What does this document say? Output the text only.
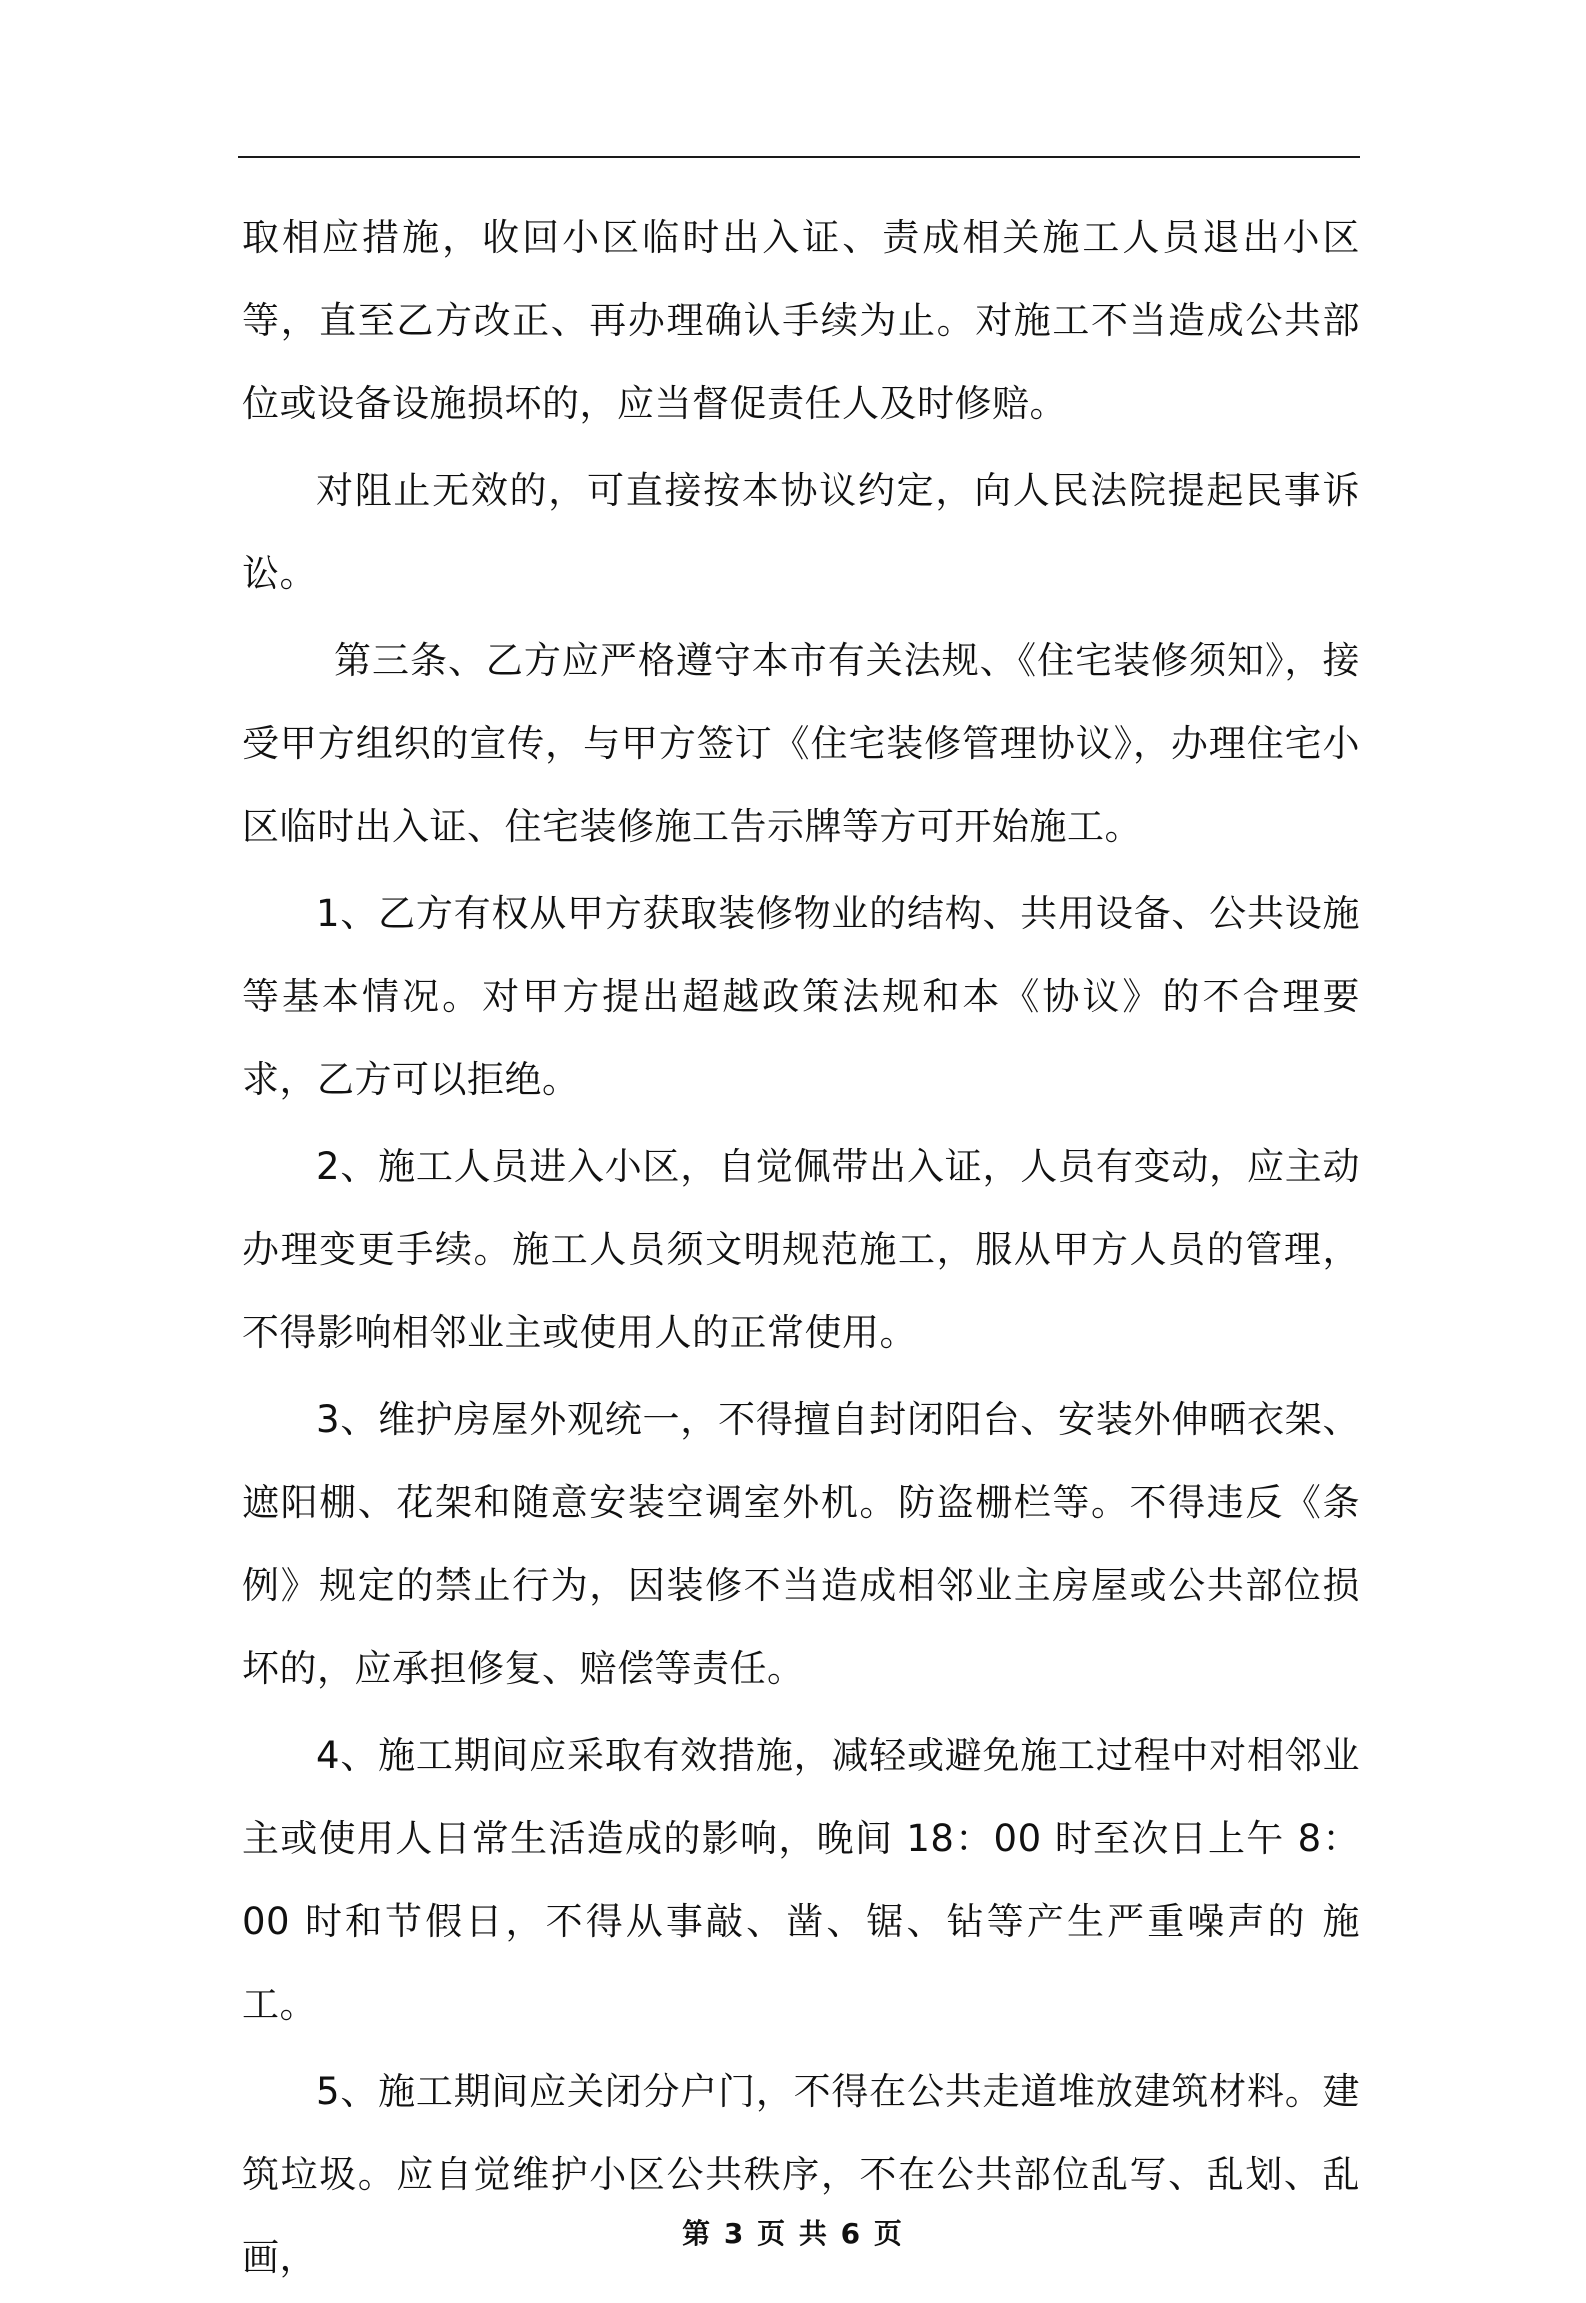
取相应措施，收回小区临时出入证、责成相关施工人员退出小区等，直至乙方改正、再办理确认手续为止。对施工不当造成公共部位或设备设施损坏的，应当督促责任人及时修赔。

对阻止无效的，可直接按本协议约定，向人民法院提起民事诉讼。

第三条、乙方应严格遵守本市有关法规、《住宅装修须知》，接受甲方组织的宣传，与甲方签订《住宅装修管理协议》，办理住宅小区临时出入证、住宅装修施工告示牌等方可开始施工。

1、乙方有权从甲方获取装修物业的结构、共用设备、公共设施等基本情况。对甲方提出超越政策法规和本《协议》的不合理要求，乙方可以拒绝。

2、施工人员进入小区，自觉佩带出入证，人员有变动，应主动办理变更手续。施工人员须文明规范施工，服从甲方人员的管理，不得影响相邻业主或使用人的正常使用。

3、维护房屋外观统一，不得擅自封闭阳台、安装外伸晒衣架、遮阳棚、花架和随意安装空调室外机。防盗栅栏等。不得违反《条例》规定的禁止行为，因装修不当造成相邻业主房屋或公共部位损坏的，应承担修复、赔偿等责任。

4、施工期间应采取有效措施，减轻或避免施工过程中对相邻业主或使用人日常生活造成的影响，晚间 18：00 时至次日上午 8：00 时和节假日，不得从事敲、凿、锯、钻等产生严重噪声的 施工。

5、施工期间应关闭分户门，不得在公共走道堆放建筑材料。建筑垃圾。应自觉维护小区公共秩序，不在公共部位乱写、乱划、乱画，

第 3 页 共 6 页
